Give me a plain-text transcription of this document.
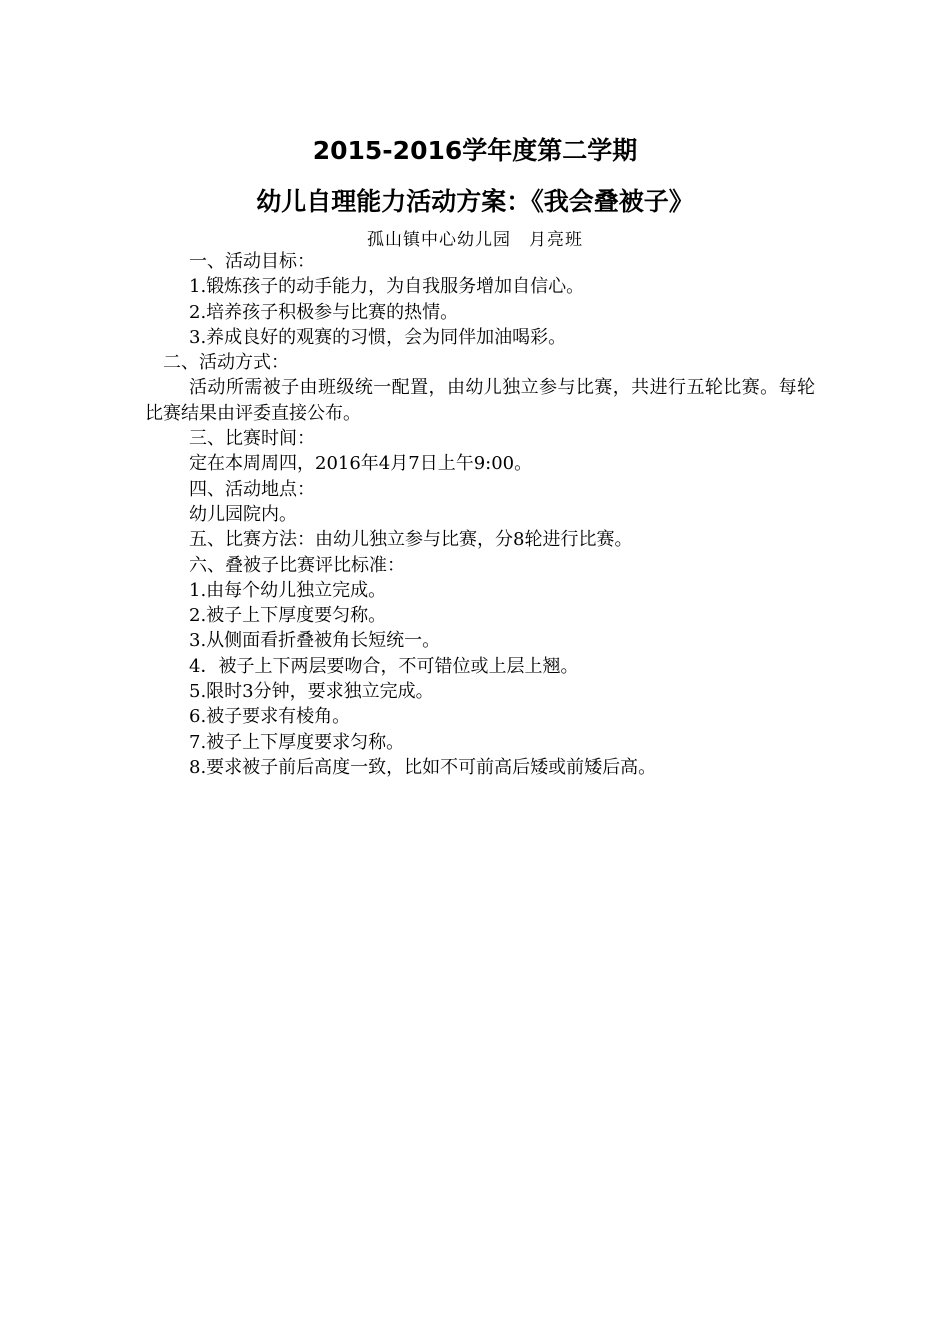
2015-2016学年度第二学期
幼儿自理能力活动方案：《我会叠被子》
孤山镇中心幼儿园　月亮班
一、活动目标：
1.锻炼孩子的动手能力，为自我服务增加自信心。
2.培养孩子积极参与比赛的热情。
3.养成良好的观赛的习惯，会为同伴加油喝彩。
二、活动方式：
活动所需被子由班级统一配置，由幼儿独立参与比赛，共进行五轮比赛。每轮比赛结果由评委直接公布。
三、比赛时间：
定在本周周四，2016年4月7日上午9:00。
四、活动地点：
幼儿园院内。
五、比赛方法：由幼儿独立参与比赛，分8轮进行比赛。
六、叠被子比赛评比标准：
1.由每个幼儿独立完成。
2.被子上下厚度要匀称。
3.从侧面看折叠被角长短统一。
4．被子上下两层要吻合，不可错位或上层上翘。
5.限时3分钟，要求独立完成。
6.被子要求有棱角。
7.被子上下厚度要求匀称。
8.要求被子前后高度一致，比如不可前高后矮或前矮后高。
